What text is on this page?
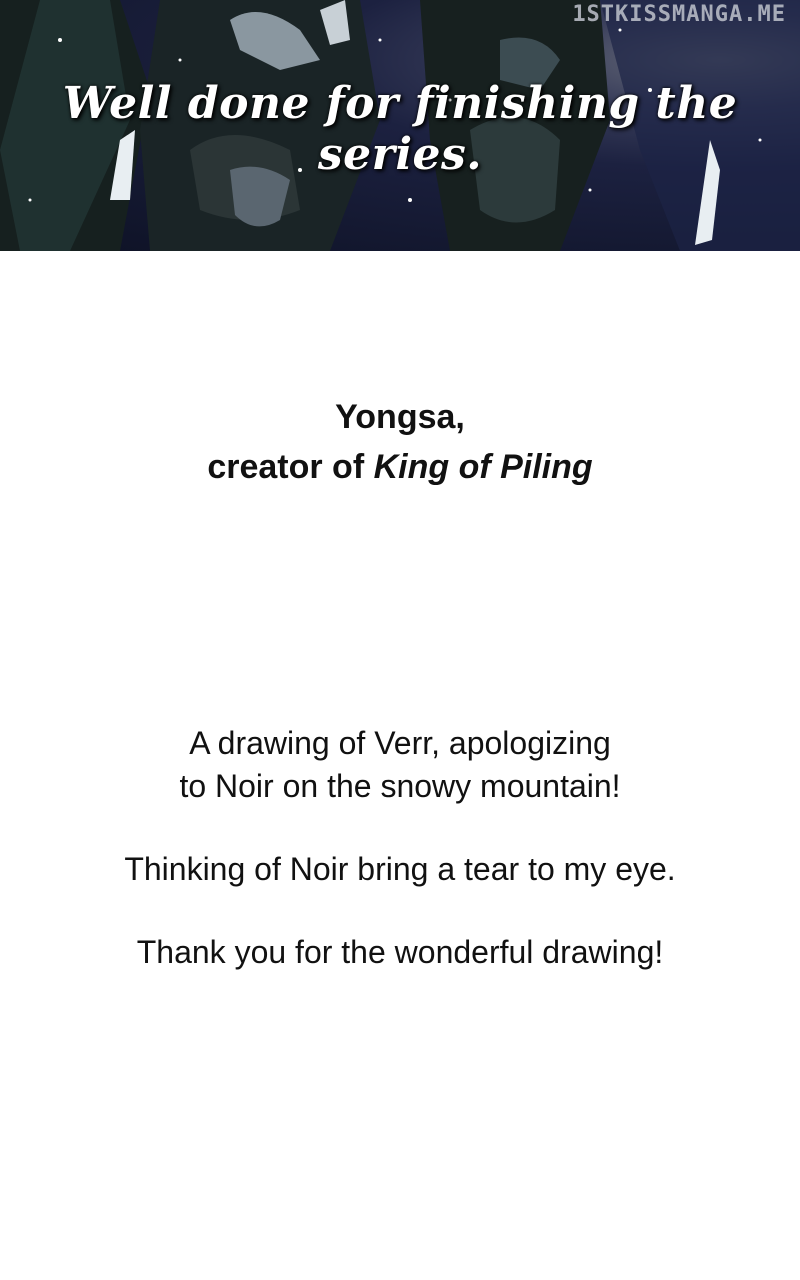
1STKISSMANGA.ME
Well done for finishing the series.
Yongsa,
creator of King of Piling

A drawing of Verr, apologizing

to Noir on the snowy mountain!

Thinking of Noir bring a tear to my eye.

Thank you for the wonderful drawing!
